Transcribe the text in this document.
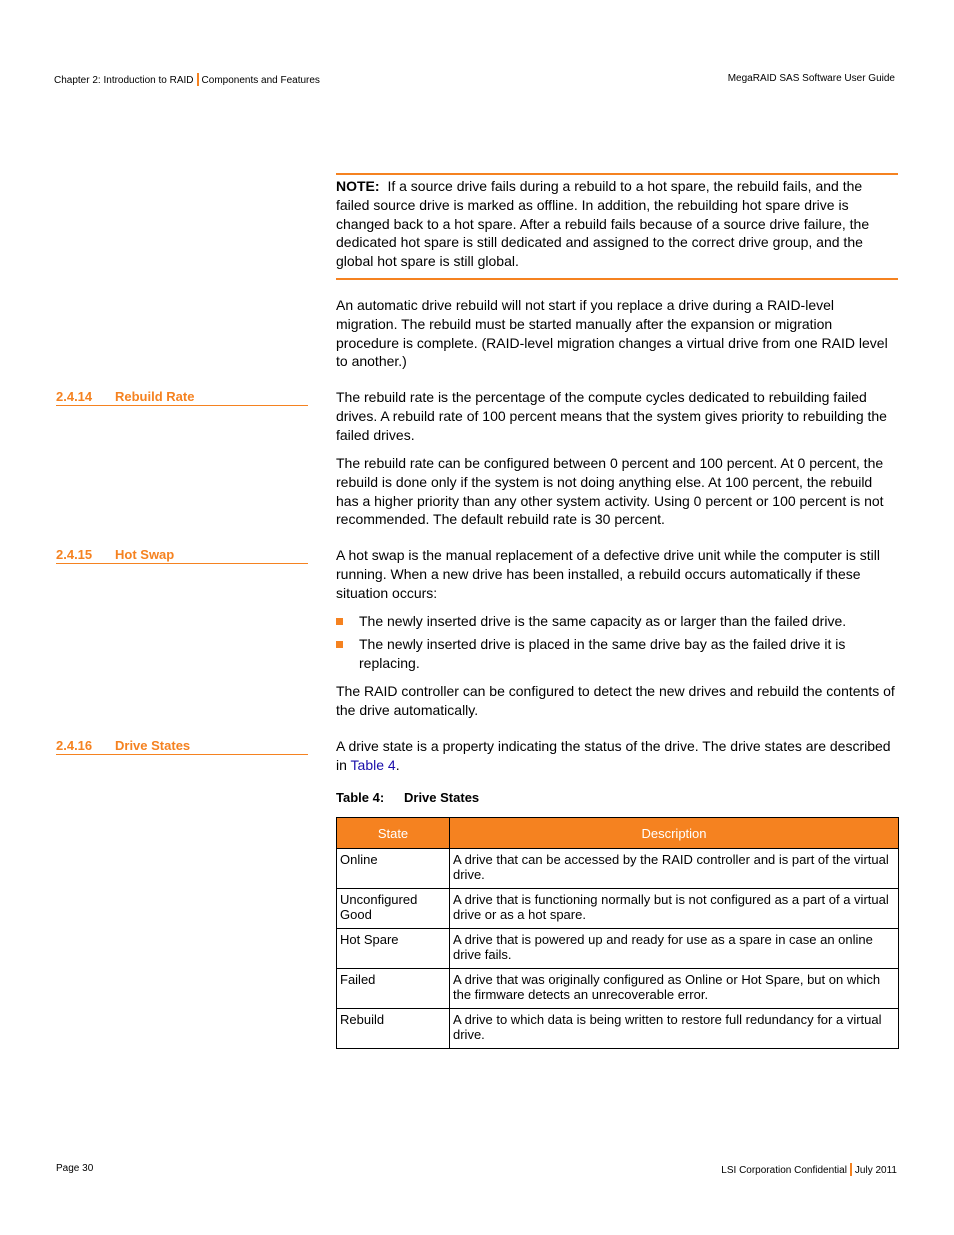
Chapter 2: Introduction to RAID Components and Features	MegaRAID SAS Software User Guide
NOTE: If a source drive fails during a rebuild to a hot spare, the rebuild fails, and the failed source drive is marked as offline. In addition, the rebuilding hot spare drive is changed back to a hot spare. After a rebuild fails because of a source drive failure, the dedicated hot spare is still dedicated and assigned to the correct drive group, and the global hot spare is still global.

An automatic drive rebuild will not start if you replace a drive during a RAID-level migration. The rebuild must be started manually after the expansion or migration procedure is complete. (RAID-level migration changes a virtual drive from one RAID level to another.)

2.4.14 Rebuild Rate	The rebuild rate is the percentage of the compute cycles dedicated to rebuilding failed drives. A rebuild rate of 100 percent means that the system gives priority to rebuilding the failed drives.

The rebuild rate can be configured between 0 percent and 100 percent. At 0 percent, the rebuild is done only if the system is not doing anything else. At 100 percent, the rebuild has a higher priority than any other system activity. Using 0 percent or 100 percent is not recommended. The default rebuild rate is 30 percent.

2.4.15 Hot Swap	A hot swap is the manual replacement of a defective drive unit while the computer is still running. When a new drive has been installed, a rebuild occurs automatically if these situation occurs:

The newly inserted drive is the same capacity as or larger than the failed drive.
The newly inserted drive is placed in the same drive bay as the failed drive it is replacing.

The RAID controller can be configured to detect the new drives and rebuild the contents of the drive automatically.

2.4.16 Drive States	A drive state is a property indicating the status of the drive. The drive states are described in Table 4.

Table 4: Drive States
State	Description
Online	A drive that can be accessed by the RAID controller and is part of the virtual drive.
Unconfigured Good	A drive that is functioning normally but is not configured as a part of a virtual drive or as a hot spare.
Hot Spare	A drive that is powered up and ready for use as a spare in case an online drive fails.
Failed	A drive that was originally configured as Online or Hot Spare, but on which the firmware detects an unrecoverable error.
Rebuild	A drive to which data is being written to restore full redundancy for a virtual drive.
Page 30	LSI Corporation Confidential July 2011
